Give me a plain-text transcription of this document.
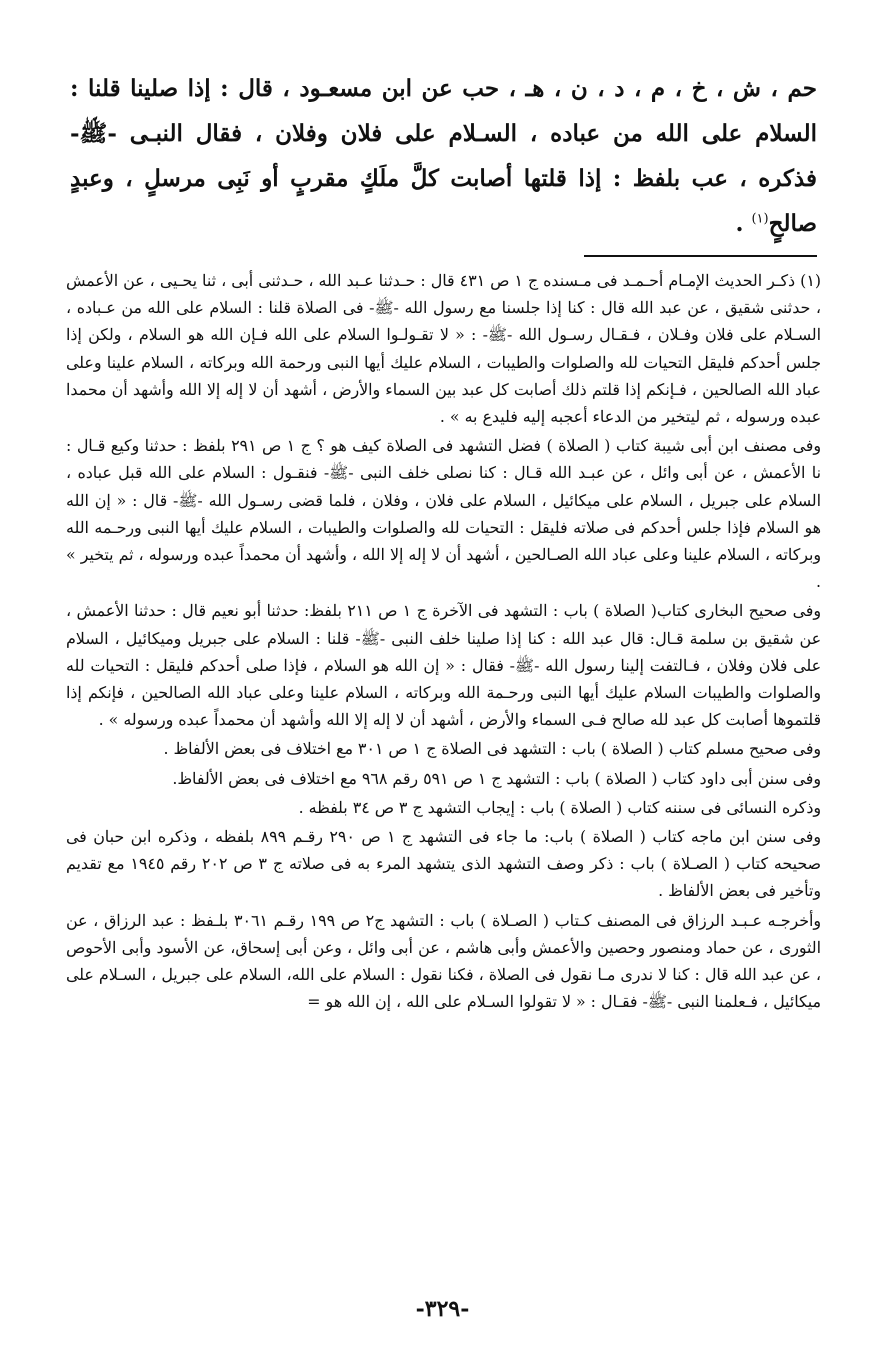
حم ، ش ، خ ، م ، د ، ن ، هـ ، حب عن ابن مسعـود ، قال : إذا صلينا قلنا : السلام على الله من عباده ، السـلام على فلان وفلان ، فقال النبـى -ﷺ- فذكره ، عب بلفظ : إذا قلتها أصابت كلَّ ملَكٍ مقربٍ أو نَبِى مرسلٍ ، وعبدٍ صالحٍ$^{(١)}$ .

(١) ذكـر الحديث الإمـام أحـمـد فى مـسنده ج ١ ص ٤٣١ قال : حـدثنا عـبد الله ، حـدثنى أبى ، ثنا يحـيى ، عن الأعمش ، حدثنى شقيق ، عن عبد الله قال : كنا إذا جلسنا مع رسول الله -ﷺ- فى الصلاة قلنا : السلام على الله من عـباده ، السـلام على فلان وفـلان ، فـقـال رسـول الله -ﷺ- : « لا تقـولـوا السلام على الله فـإن الله هو السلام ، ولكن إذا جلس أحدكم فليقل التحيات لله والصلوات والطيبات ، السلام عليك أيها النبى ورحمة الله وبركاته ، السلام علينا وعلى عباد الله الصالحين ، فـإنكم إذا قلتم ذلك أصابت كل عبد بين السماء والأرض ، أشهد أن لا إله إلا الله وأشهد أن محمدا عبده ورسوله ، ثم ليتخير من الدعاء أعجبه إليه فليدع به » .

وفى مصنف ابن أبى شيبة كتاب ( الصلاة ) فضل التشهد فى الصلاة كيف هو ؟ ج ١ ص ٢٩١ بلفظ : حدثنا وكيع قـال : نا الأعمش ، عن أبى وائل ، عن عبـد الله قـال : كنا نصلى خلف النبى -ﷺ- فنقـول : السلام على الله قبل عباده ، السلام على جبريل ، السلام على ميكائيل ، السلام على فلان ، وفلان ، فلما قضى رسـول الله -ﷺ- قال : « إن الله هو السلام فإذا جلس أحدكم فى صلاته فليقل : التحيات لله والصلوات والطيبات ، السلام عليك أيها النبى ورحـمه الله وبركاته ، السلام علينا وعلى عباد الله الصـالحين ، أشهد أن لا إله إلا الله ، وأشهد أن محمداً عبده ورسوله ، ثم يتخير » .

وفى صحيح البخارى كتاب( الصلاة ) باب : التشهد فى الآخرة ج ١ ص ٢١١ بلفظ: حدثنا أبو نعيم قال : حدثنا الأعمش ، عن شقيق بن سلمة قـال: قال عبد الله : كنا إذا صلينا خلف النبى -ﷺ- قلنا : السلام على جبريل وميكائيل ، السلام على فلان وفلان ، فـالتفت إلينا رسول الله -ﷺ- فقال : « إن الله هو السلام ، فإذا صلى أحدكم فليقل : التحيات لله والصلوات والطيبات السلام عليك أيها النبى ورحـمة الله وبركاته ، السلام علينا وعلى عباد الله الصالحين ، فإنكم إذا قلتموها أصابت كل عبد لله صالح فـى السماء والأرض ، أشهد أن لا إله إلا الله وأشهد أن محمداً عبده ورسوله » .

وفى صحيح مسلم كتاب ( الصلاة ) باب : التشهد فى الصلاة ج ١ ص ٣٠١ مع اختلاف فى بعض الألفاظ .

وفى سنن أبى داود كتاب ( الصلاة ) باب : التشهد ج ١ ص ٥٩١ رقم ٩٦٨ مع اختلاف فى بعض الألفاظ.

وذكره النسائى فى سننه كتاب ( الصلاة ) باب : إيجاب التشهد ج ٣ ص ٣٤ بلفظه .

وفى سنن ابن ماجه كتاب ( الصلاة ) باب: ما جاء فى التشهد ج ١ ص ٢٩٠ رقـم ٨٩٩ بلفظه ، وذكره ابن حبان فى صحيحه كتاب ( الصـلاة ) باب : ذكر وصف التشهد الذى يتشهد المرء به فى صلاته ج ٣ ص ٢٠٢ رقم ١٩٤٥ مع تقديم وتأخير فى بعض الألفاظ .

وأخرجـه عـبـد الرزاق فى المصنف كـتاب ( الصـلاة ) باب : التشهد ج٢ ص ١٩٩ رقـم ٣٠٦١ بلـفظ : عبد الرزاق ، عن الثورى ، عن حماد ومنصور وحصين والأعمش وأبى هاشم ، عن أبى وائل ، وعن أبى إسحاق، عن الأسود وأبى الأحوص ، عن عبد الله قال : كنا لا ندرى مـا نقول فى الصلاة ، فكنا نقول : السلام على الله، السلام على جبريل ، السـلام على ميكائيل ، فـعلمنا النبى -ﷺ- فقـال : « لا تقولوا السـلام على الله ، إن الله هو =

-٣٢٩-
